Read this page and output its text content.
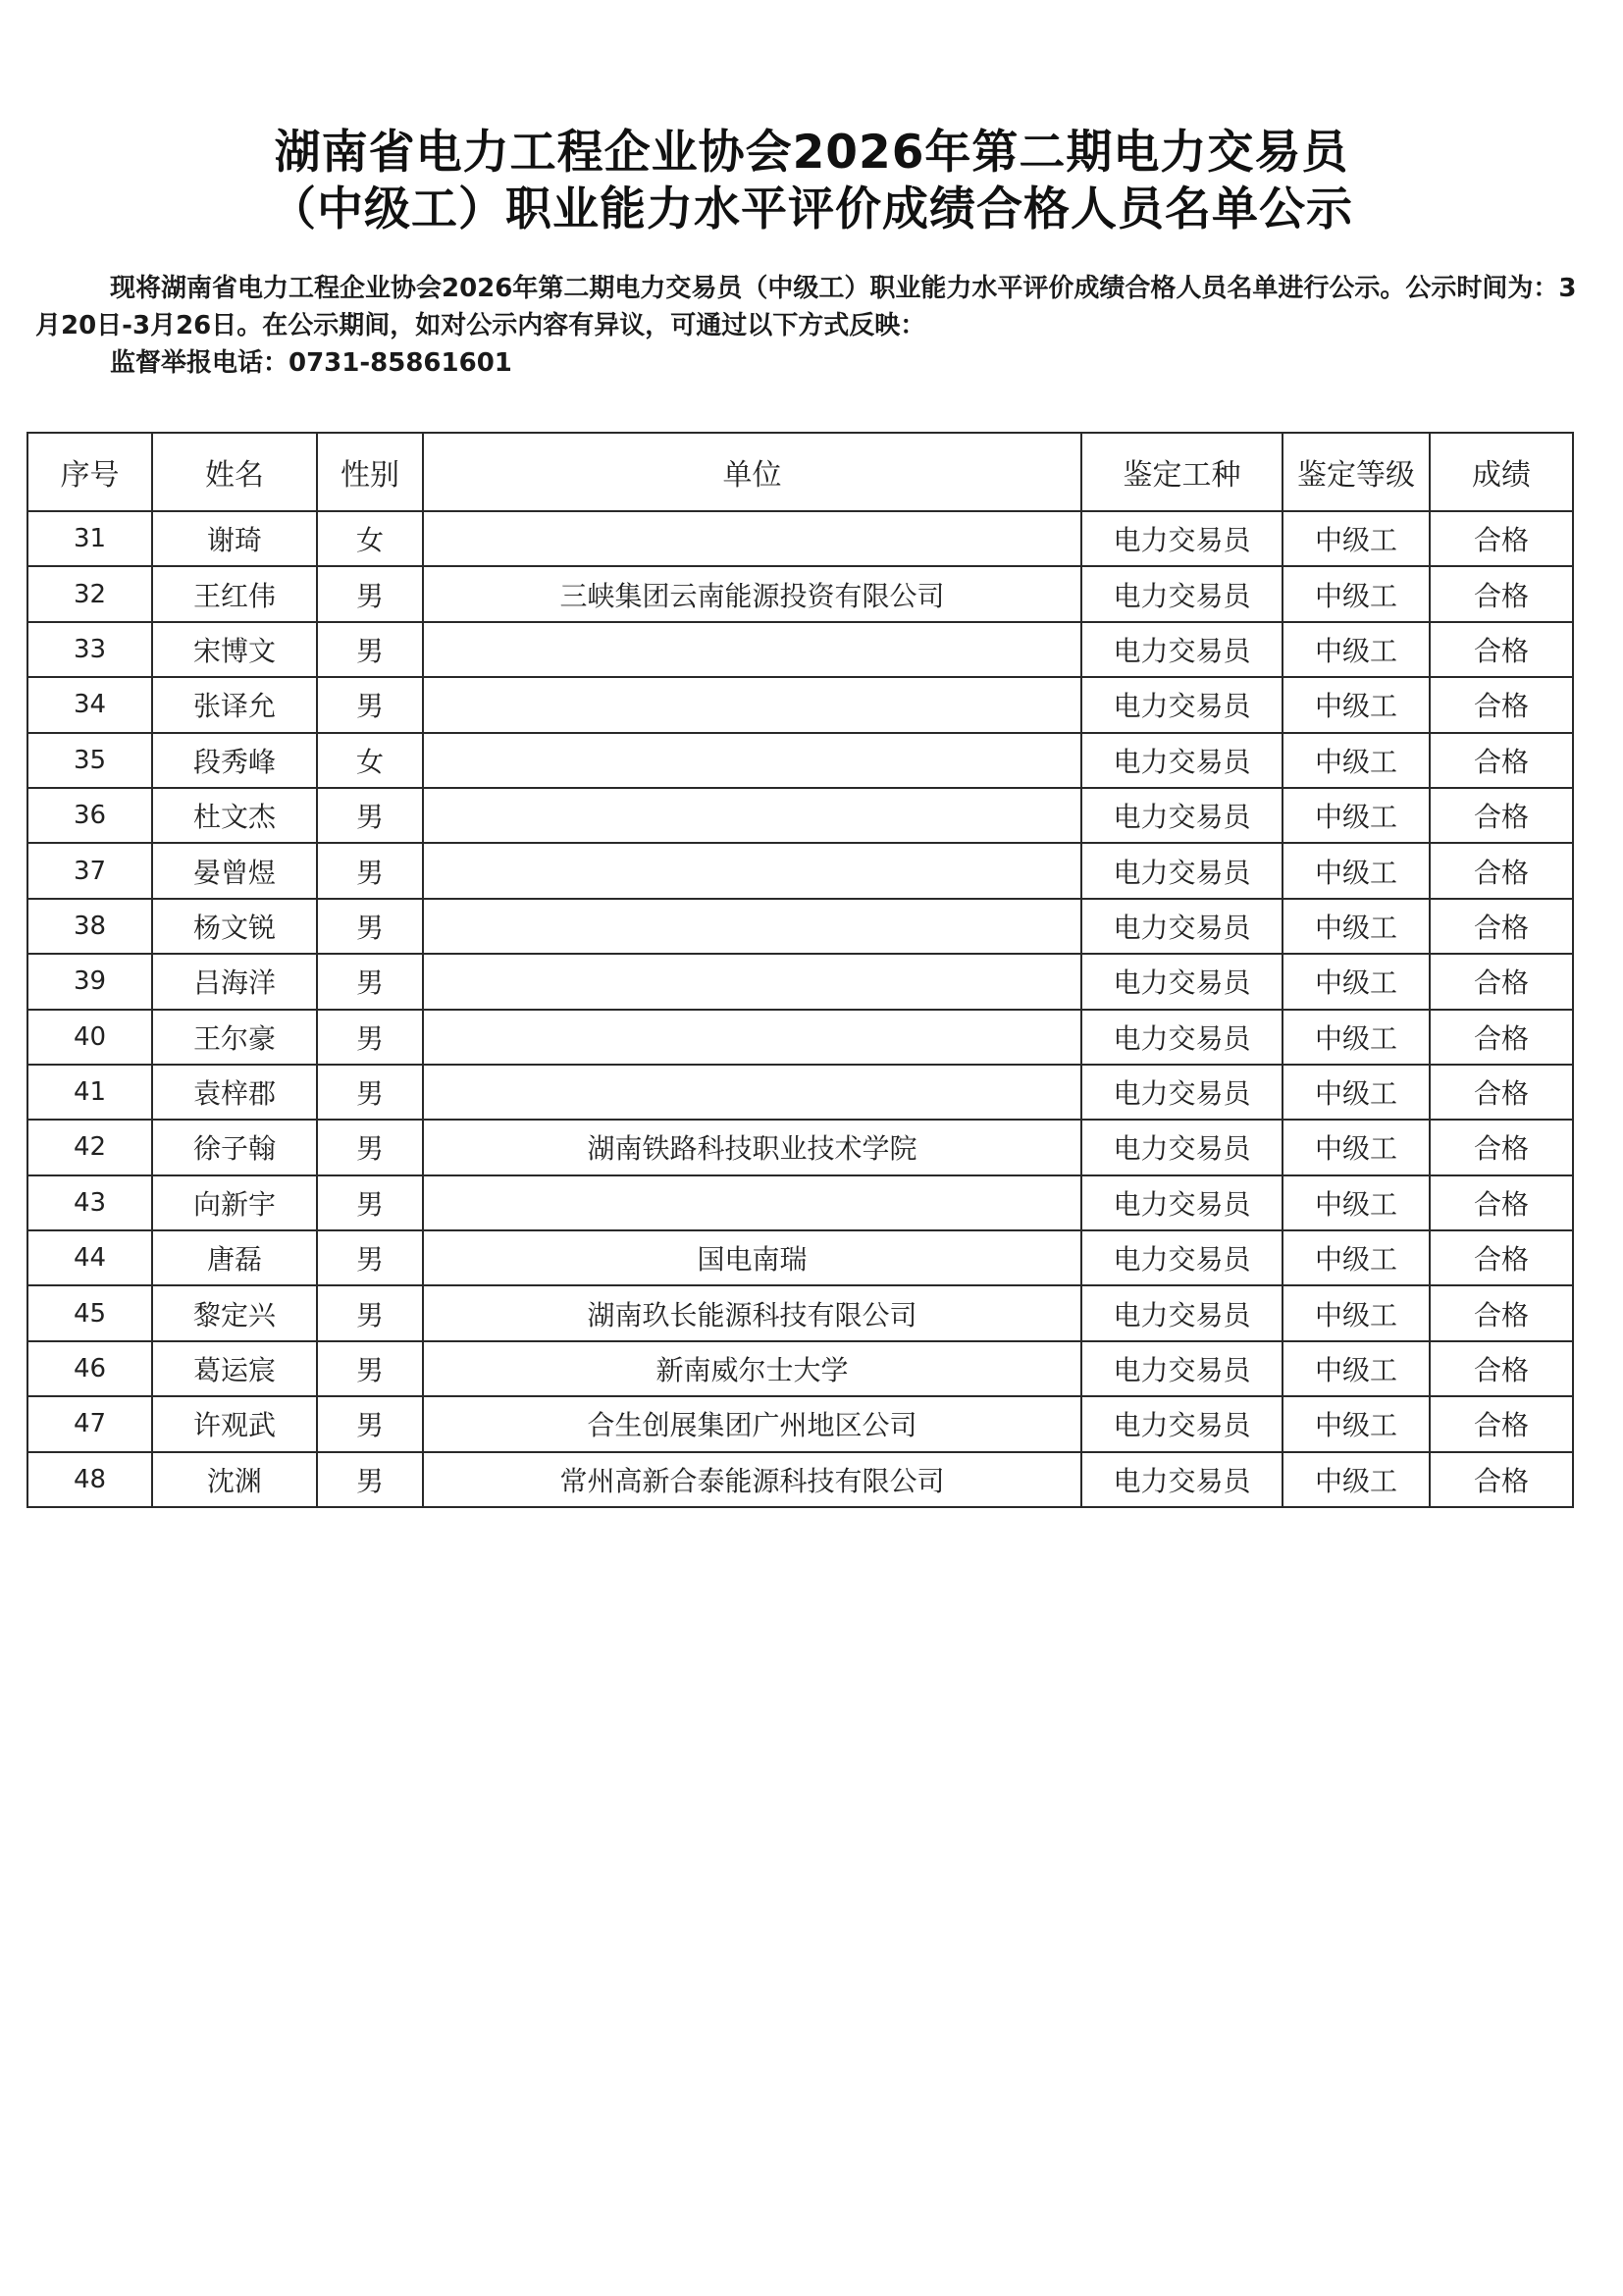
湖南省电力工程企业协会2026年第二期电力交易员
（中级工）职业能力水平评价成绩合格人员名单公示

现将湖南省电力工程企业协会2026年第二期电力交易员（中级工）职业能力水平评价成绩合格人员名单进行公示。公示时间为：3月20日-3月26日。在公示期间，如对公示内容有异议，可通过以下方式反映：

监督举报电话：0731-85861601

序号	姓名	性别	单位	鉴定工种	鉴定等级	成绩
31	谢琦	女		电力交易员	中级工	合格
32	王红伟	男	三峡集团云南能源投资有限公司	电力交易员	中级工	合格
33	宋博文	男		电力交易员	中级工	合格
34	张译允	男		电力交易员	中级工	合格
35	段秀峰	女		电力交易员	中级工	合格
36	杜文杰	男		电力交易员	中级工	合格
37	晏曾煜	男		电力交易员	中级工	合格
38	杨文锐	男		电力交易员	中级工	合格
39	吕海洋	男		电力交易员	中级工	合格
40	王尔豪	男		电力交易员	中级工	合格
41	袁梓郡	男		电力交易员	中级工	合格
42	徐子翰	男	湖南铁路科技职业技术学院	电力交易员	中级工	合格
43	向新宇	男		电力交易员	中级工	合格
44	唐磊	男	国电南瑞	电力交易员	中级工	合格
45	黎定兴	男	湖南玖长能源科技有限公司	电力交易员	中级工	合格
46	葛运宸	男	新南威尔士大学	电力交易员	中级工	合格
47	许观武	男	合生创展集团广州地区公司	电力交易员	中级工	合格
48	沈渊	男	常州高新合泰能源科技有限公司	电力交易员	中级工	合格
